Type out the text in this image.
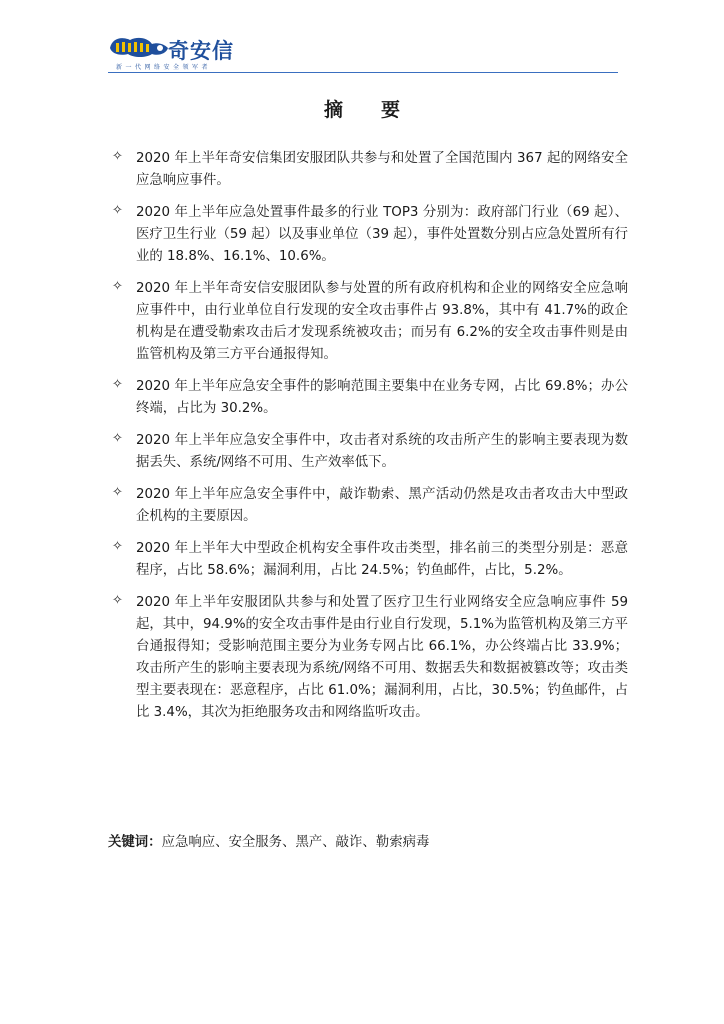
奇安信
新一代网络安全领军者
摘要
✧ 2020 年上半年奇安信集团安服团队共参与和处置了全国范围内 367 起的网络安全应急响应事件。
✧ 2020 年上半年应急处置事件最多的行业 TOP3 分别为：政府部门行业（69 起）、医疗卫生行业（59 起）以及事业单位（39 起），事件处置数分别占应急处置所有行业的 18.8%、16.1%、10.6%。
✧ 2020 年上半年奇安信安服团队参与处置的所有政府机构和企业的网络安全应急响应事件中，由行业单位自行发现的安全攻击事件占 93.8%，其中有 41.7%的政企机构是在遭受勒索攻击后才发现系统被攻击；而另有 6.2%的安全攻击事件则是由监管机构及第三方平台通报得知。
✧ 2020 年上半年应急安全事件的影响范围主要集中在业务专网，占比 69.8%；办公终端，占比为 30.2%。
✧ 2020 年上半年应急安全事件中，攻击者对系统的攻击所产生的影响主要表现为数据丢失、系统/网络不可用、生产效率低下。
✧ 2020 年上半年应急安全事件中，敲诈勒索、黑产活动仍然是攻击者攻击大中型政企机构的主要原因。
✧ 2020 年上半年大中型政企机构安全事件攻击类型，排名前三的类型分别是：恶意程序，占比 58.6%；漏洞利用，占比 24.5%；钓鱼邮件，占比，5.2%。
✧ 2020 年上半年安服团队共参与和处置了医疗卫生行业网络安全应急响应事件 59 起，其中，94.9%的安全攻击事件是由行业自行发现，5.1%为监管机构及第三方平台通报得知；受影响范围主要分为业务专网占比 66.1%，办公终端占比 33.9%；攻击所产生的影响主要表现为系统/网络不可用、数据丢失和数据被篡改等；攻击类型主要表现在：恶意程序，占比 61.0%；漏洞利用，占比，30.5%；钓鱼邮件，占比 3.4%，其次为拒绝服务攻击和网络监听攻击。
关键词：应急响应、安全服务、黑产、敲诈、勒索病毒
